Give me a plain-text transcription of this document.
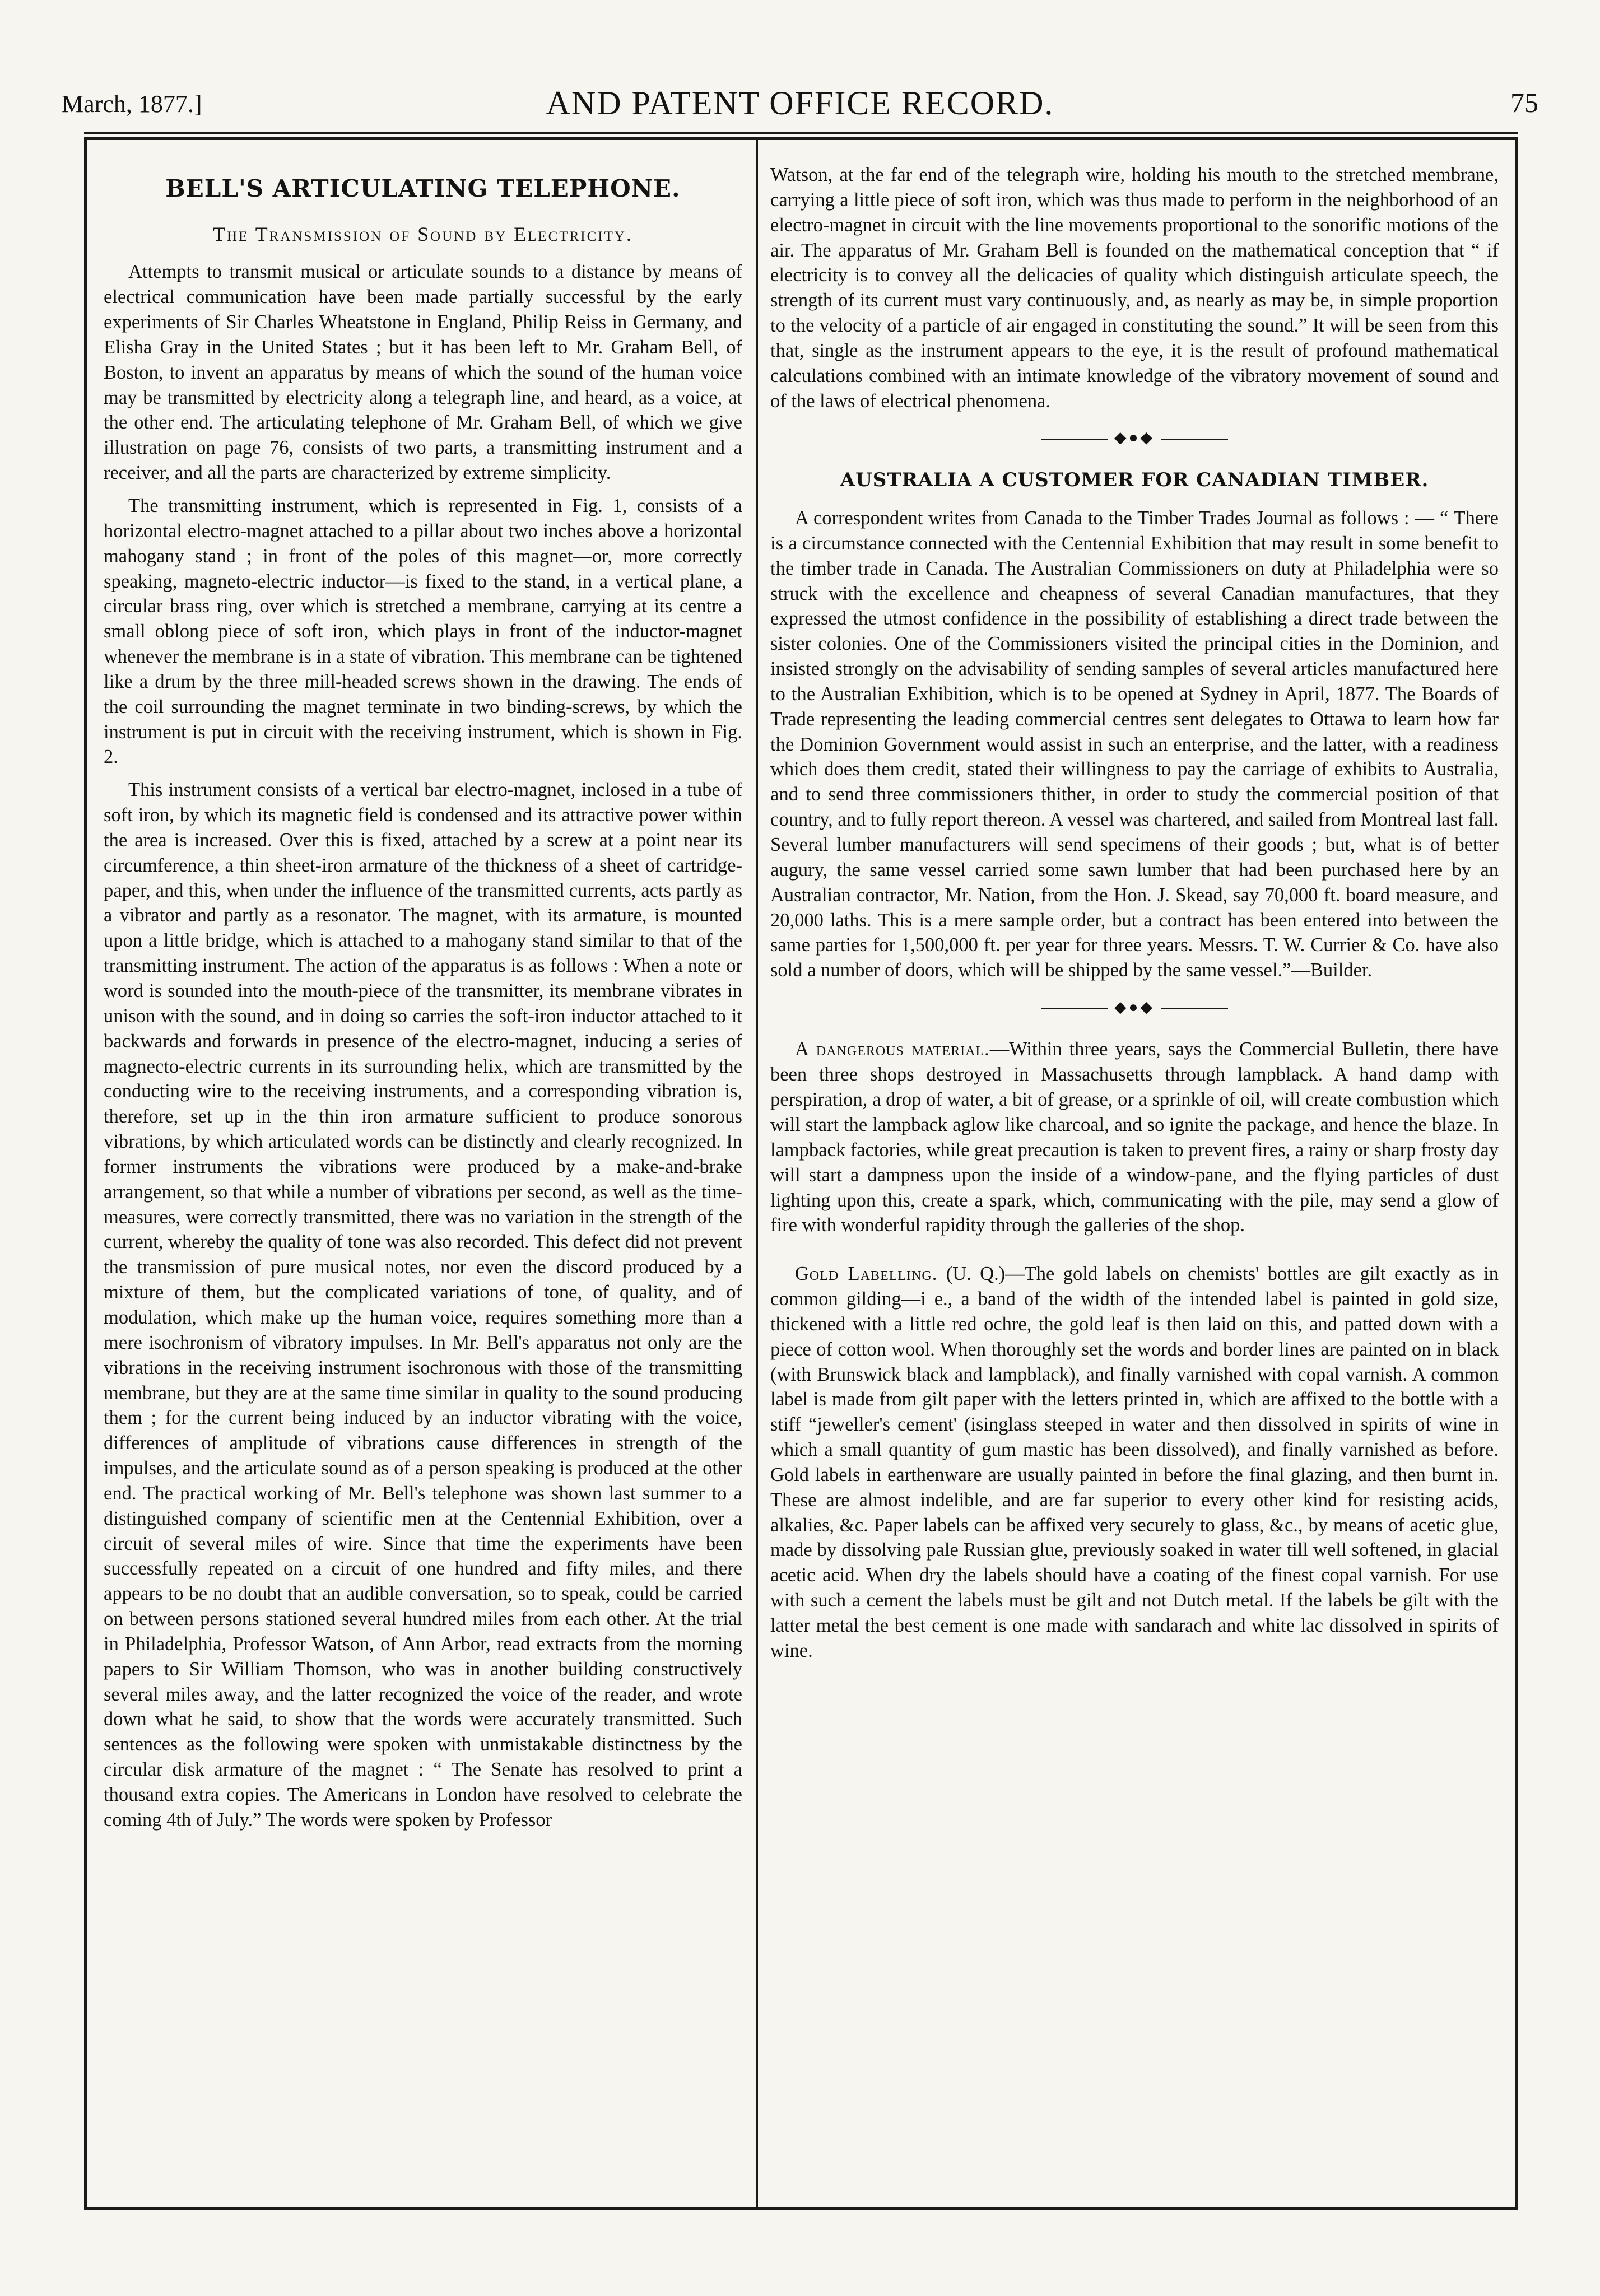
March, 1877.]	AND PATENT OFFICE RECORD.	75
BELL'S ARTICULATING TELEPHONE.
The Transmission of Sound by Electricity.

Attempts to transmit musical or articulate sounds to a distance by means of electrical communication have been made partially successful by the early experiments of Sir Charles Wheatstone in England, Philip Reiss in Germany, and Elisha Gray in the United States ; but it has been left to Mr. Graham Bell, of Boston, to invent an apparatus by means of which the sound of the human voice may be transmitted by electricity along a telegraph line, and heard, as a voice, at the other end. The articulating telephone of Mr. Graham Bell, of which we give illustration on page 76, consists of two parts, a transmitting instrument and a receiver, and all the parts are characterized by extreme simplicity.

The transmitting instrument, which is represented in Fig. 1, consists of a horizontal electro-magnet attached to a pillar about two inches above a horizontal mahogany stand ; in front of the poles of this magnet—or, more correctly speaking, magneto-electric inductor—is fixed to the stand, in a vertical plane, a circular brass ring, over which is stretched a membrane, carrying at its centre a small oblong piece of soft iron, which plays in front of the inductor-magnet whenever the membrane is in a state of vibration. This membrane can be tightened like a drum by the three mill-headed screws shown in the drawing. The ends of the coil surrounding the magnet terminate in two binding-screws, by which the instrument is put in circuit with the receiving instrument, which is shown in Fig. 2.

This instrument consists of a vertical bar electro-magnet, inclosed in a tube of soft iron, by which its magnetic field is condensed and its attractive power within the area is increased. Over this is fixed, attached by a screw at a point near its circumference, a thin sheet-iron armature of the thickness of a sheet of cartridge-paper, and this, when under the influence of the transmitted currents, acts partly as a vibrator and partly as a resonator. The magnet, with its armature, is mounted upon a little bridge, which is attached to a mahogany stand similar to that of the transmitting instrument. The action of the apparatus is as follows : When a note or word is sounded into the mouth-piece of the transmitter, its membrane vibrates in unison with the sound, and in doing so carries the soft-iron inductor attached to it backwards and forwards in presence of the electro-magnet, inducing a series of magnecto-electric currents in its surrounding helix, which are transmitted by the conducting wire to the receiving instruments, and a corresponding vibration is, therefore, set up in the thin iron armature sufficient to produce sonorous vibrations, by which articulated words can be distinctly and clearly recognized. In former instruments the vibrations were produced by a make-and-brake arrangement, so that while a number of vibrations per second, as well as the time-measures, were correctly transmitted, there was no variation in the strength of the current, whereby the quality of tone was also recorded. This defect did not prevent the transmission of pure musical notes, nor even the discord produced by a mixture of them, but the complicated variations of tone, of quality, and of modulation, which make up the human voice, requires something more than a mere isochronism of vibratory impulses. In Mr. Bell's apparatus not only are the vibrations in the receiving instrument isochronous with those of the transmitting membrane, but they are at the same time similar in quality to the sound producing them ; for the current being induced by an inductor vibrating with the voice, differences of amplitude of vibrations cause differences in strength of the impulses, and the articulate sound as of a person speaking is produced at the other end. The practical working of Mr. Bell's telephone was shown last summer to a distinguished company of scientific men at the Centennial Exhibition, over a circuit of several miles of wire. Since that time the experiments have been successfully repeated on a circuit of one hundred and fifty miles, and there appears to be no doubt that an audible conversation, so to speak, could be carried on between persons stationed several hundred miles from each other. At the trial in Philadelphia, Professor Watson, of Ann Arbor, read extracts from the morning papers to Sir William Thomson, who was in another building constructively several miles away, and the latter recognized the voice of the reader, and wrote down what he said, to show that the words were accurately transmitted. Such sentences as the following were spoken with unmistakable distinctness by the circular disk armature of the magnet : “ The Senate has resolved to print a thousand extra copies. The Americans in London have resolved to celebrate the coming 4th of July.” The words were spoken by Professor

Watson, at the far end of the telegraph wire, holding his mouth to the stretched membrane, carrying a little piece of soft iron, which was thus made to perform in the neighborhood of an electro-magnet in circuit with the line movements proportional to the sonorific motions of the air. The apparatus of Mr. Graham Bell is founded on the mathematical conception that “ if electricity is to convey all the delicacies of quality which distinguish articulate speech, the strength of its current must vary continuously, and, as nearly as may be, in simple proportion to the velocity of a particle of air engaged in constituting the sound.” It will be seen from this that, single as the instrument appears to the eye, it is the result of profound mathematical calculations combined with an intimate knowledge of the vibratory movement of sound and of the laws of electrical phenomena.

◆●◆
AUSTRALIA A CUSTOMER FOR CANADIAN TIMBER.

A correspondent writes from Canada to the Timber Trades Journal as follows : — “ There is a circumstance connected with the Centennial Exhibition that may result in some benefit to the timber trade in Canada. The Australian Commissioners on duty at Philadelphia were so struck with the excellence and cheapness of several Canadian manufactures, that they expressed the utmost confidence in the possibility of establishing a direct trade between the sister colonies. One of the Commissioners visited the principal cities in the Dominion, and insisted strongly on the advisability of sending samples of several articles manufactured here to the Australian Exhibition, which is to be opened at Sydney in April, 1877. The Boards of Trade representing the leading commercial centres sent delegates to Ottawa to learn how far the Dominion Government would assist in such an enterprise, and the latter, with a readiness which does them credit, stated their willingness to pay the carriage of exhibits to Australia, and to send three commissioners thither, in order to study the commercial position of that country, and to fully report thereon. A vessel was chartered, and sailed from Montreal last fall. Several lumber manufacturers will send specimens of their goods ; but, what is of better augury, the same vessel carried some sawn lumber that had been purchased here by an Australian contractor, Mr. Nation, from the Hon. J. Skead, say 70,000 ft. board measure, and 20,000 laths. This is a mere sample order, but a contract has been entered into between the same parties for 1,500,000 ft. per year for three years. Messrs. T. W. Currier & Co. have also sold a number of doors, which will be shipped by the same vessel.”—Builder.

◆●◆

A dangerous material.—Within three years, says the Commercial Bulletin, there have been three shops destroyed in Massachusetts through lampblack. A hand damp with perspiration, a drop of water, a bit of grease, or a sprinkle of oil, will create combustion which will start the lampback aglow like charcoal, and so ignite the package, and hence the blaze. In lampback factories, while great precaution is taken to prevent fires, a rainy or sharp frosty day will start a dampness upon the inside of a window-pane, and the flying particles of dust lighting upon this, create a spark, which, communicating with the pile, may send a glow of fire with wonderful rapidity through the galleries of the shop.

Gold Labelling. (U. Q.)—The gold labels on chemists' bottles are gilt exactly as in common gilding—i e., a band of the width of the intended label is painted in gold size, thickened with a little red ochre, the gold leaf is then laid on this, and patted down with a piece of cotton wool. When thoroughly set the words and border lines are painted on in black (with Brunswick black and lampblack), and finally varnished with copal varnish. A common label is made from gilt paper with the letters printed in, which are affixed to the bottle with a stiff “jeweller's cement' (isinglass steeped in water and then dissolved in spirits of wine in which a small quantity of gum mastic has been dissolved), and finally varnished as before. Gold labels in earthenware are usually painted in before the final glazing, and then burnt in. These are almost indelible, and are far superior to every other kind for resisting acids, alkalies, &c. Paper labels can be affixed very securely to glass, &c., by means of acetic glue, made by dissolving pale Russian glue, previously soaked in water till well softened, in glacial acetic acid. When dry the labels should have a coating of the finest copal varnish. For use with such a cement the labels must be gilt and not Dutch metal. If the labels be gilt with the latter metal the best cement is one made with sandarach and white lac dissolved in spirits of wine.
